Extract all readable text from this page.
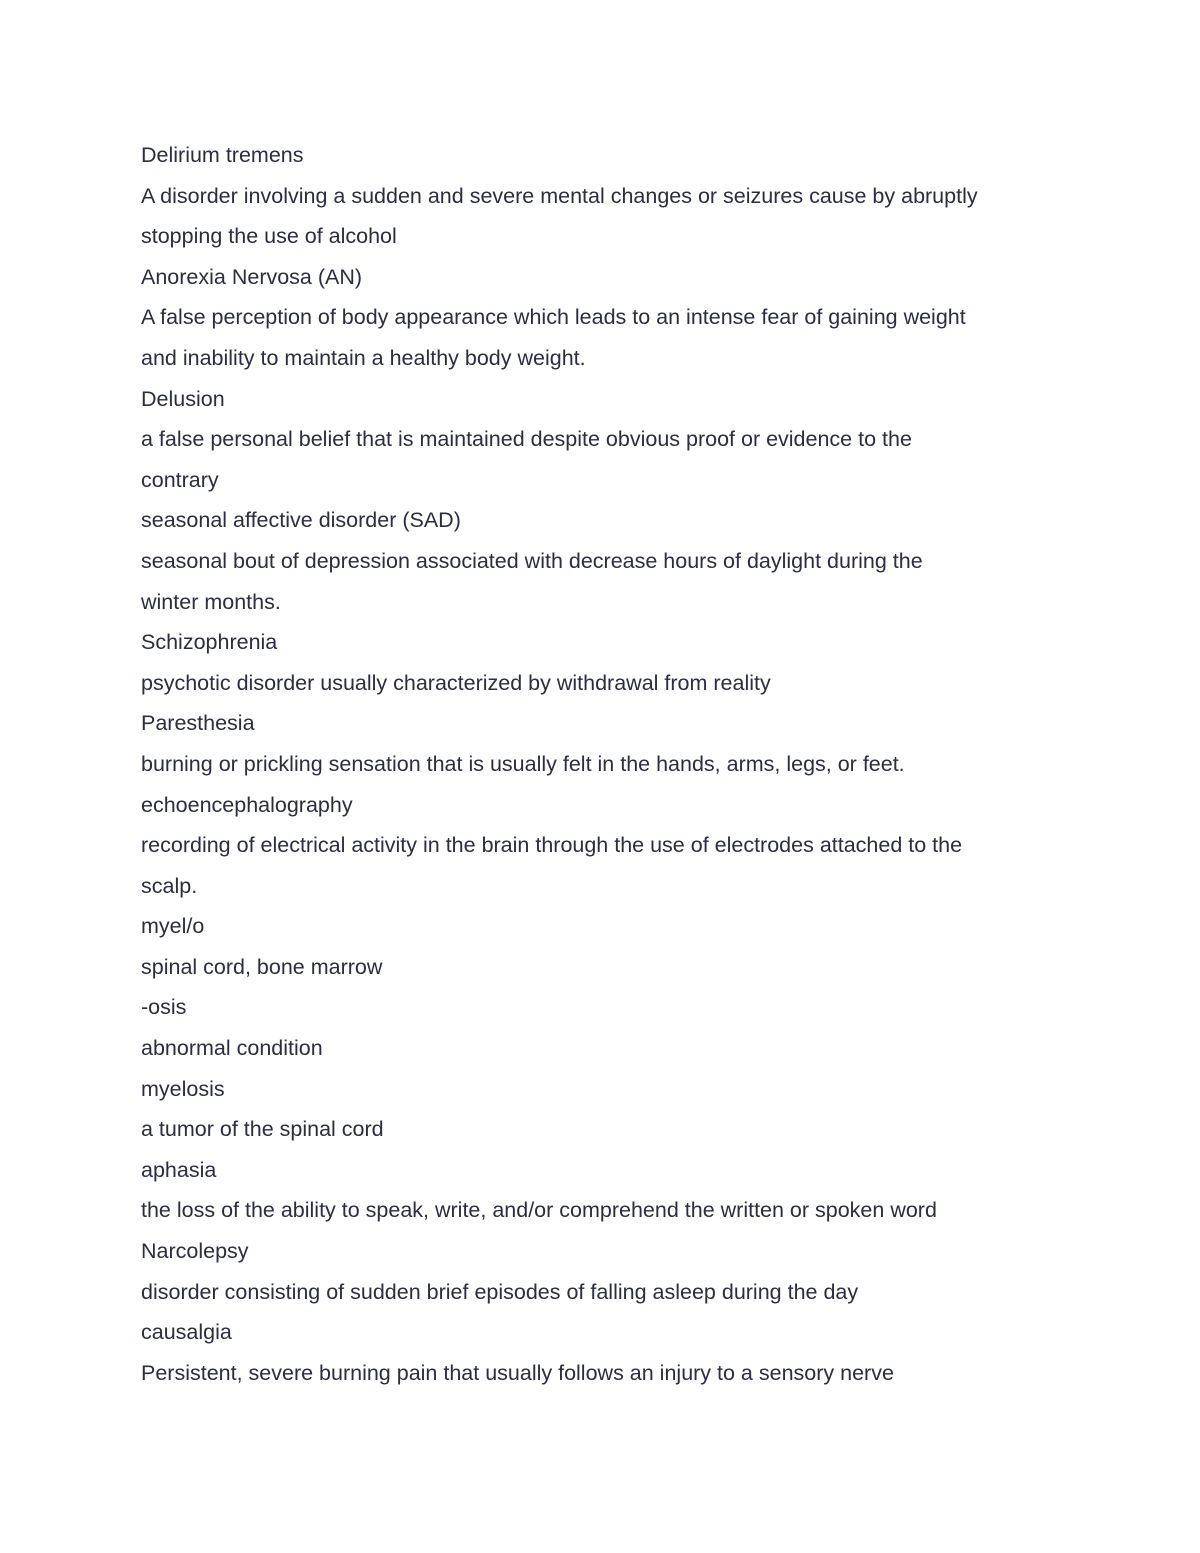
Delirium tremens
A disorder involving a sudden and severe mental changes or seizures cause by abruptly
stopping the use of alcohol
Anorexia Nervosa (AN)
A false perception of body appearance which leads to an intense fear of gaining weight
and inability to maintain a healthy body weight.
Delusion
a false personal belief that is maintained despite obvious proof or evidence to the
contrary
seasonal affective disorder (SAD)
seasonal bout of depression associated with decrease hours of daylight during the
winter months.
Schizophrenia
psychotic disorder usually characterized by withdrawal from reality
Paresthesia
burning or prickling sensation that is usually felt in the hands, arms, legs, or feet.
echoencephalography
recording of electrical activity in the brain through the use of electrodes attached to the
scalp.
myel/o
spinal cord, bone marrow
-osis
abnormal condition
myelosis
a tumor of the spinal cord
aphasia
the loss of the ability to speak, write, and/or comprehend the written or spoken word
Narcolepsy
disorder consisting of sudden brief episodes of falling asleep during the day
causalgia
Persistent, severe burning pain that usually follows an injury to a sensory nerve
